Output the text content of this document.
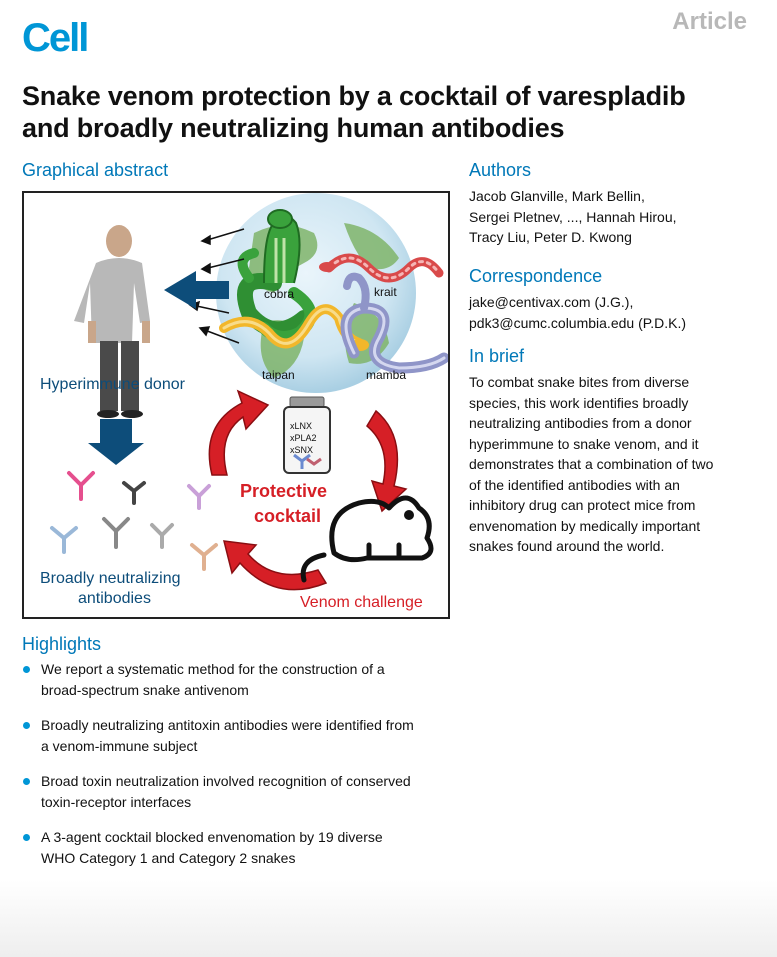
Cell	Article
Snake venom protection by a cocktail of varespladib
and broadly neutralizing human antibodies
Graphical abstract
cobra	krait
taipan	mamba
Hyperimmune donor
Broadly neutralizing
antibodies
xLNX
xPLA2
xSNX
Protective
cocktail
Venom challenge
Authors

Jacob Glanville, Mark Bellin,

Sergei Pletnev, ..., Hannah Hirou,

Tracy Liu, Peter D. Kwong

Correspondence

jake@centivax.com (J.G.),

pdk3@cumc.columbia.edu (P.D.K.)

In brief

To combat snake bites from diverse

species, this work identifies broadly

neutralizing antibodies from a donor

hyperimmune to snake venom, and it

demonstrates that a combination of two

of the identified antibodies with an

inhibitory drug can protect mice from

envenomation by medically important

snakes found around the world.

Highlights
We report a systematic method for the construction of a
broad-spectrum snake antivenom
Broadly neutralizing antitoxin antibodies were identified from
a venom-immune subject
Broad toxin neutralization involved recognition of conserved
toxin-receptor interfaces
A 3-agent cocktail blocked envenomation by 19 diverse
WHO Category 1 and Category 2 snakes
